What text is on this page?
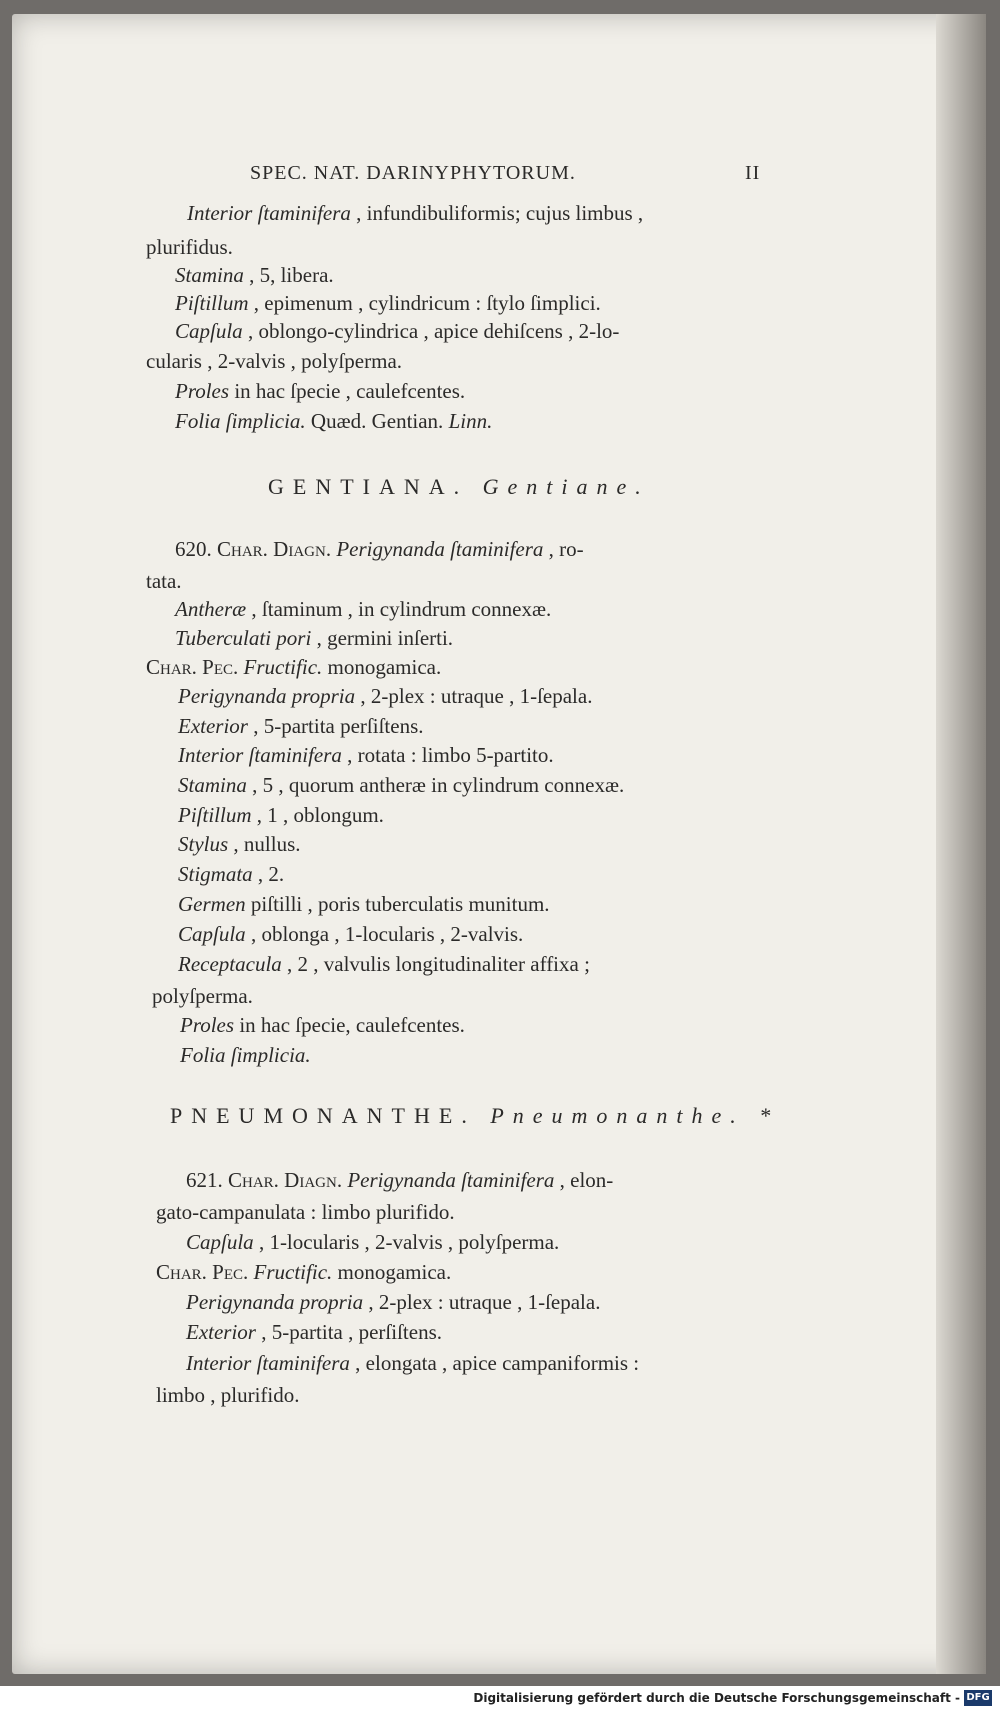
SPEC. NAT. DARINYPHYTORUM.	II
Interior ſtaminifera , infundibuliformis; cujus limbus ,
plurifidus.
Stamina , 5, libera.
Piſtillum , epimenum , cylindricum : ſtylo ſimplici.
Capſula , oblongo-cylindrica , apice dehiſcens , 2-lo-
cularis , 2-valvis , polyſperma.
Proles in hac ſpecie , caulefcentes.
Folia ſimplicia. Quæd. Gentian. Linn.
GENTIANA. Gentiane.
620. Char. Diagn. Perigynanda ſtaminifera , ro-
tata.
Antheræ , ſtaminum , in cylindrum connexæ.
Tuberculati pori , germini inſerti.
Char. Pec. Fructific. monogamica.
Perigynanda propria , 2-plex : utraque , 1-ſepala.
Exterior , 5-partita perſiſtens.
Interior ſtaminifera , rotata : limbo 5-partito.
Stamina , 5 , quorum antheræ in cylindrum connexæ.
Piſtillum , 1 , oblongum.
Stylus , nullus.
Stigmata , 2.
Germen piſtilli , poris tuberculatis munitum.
Capſula , oblonga , 1-locularis , 2-valvis.
Receptacula , 2 , valvulis longitudinaliter affixa ;
polyſperma.
Proles in hac ſpecie, caulefcentes.
Folia ſimplicia.
PNEUMONANTHE. Pneumonanthe. *
621. Char. Diagn. Perigynanda ſtaminifera , elon-
gato-campanulata : limbo plurifido.
Capſula , 1-locularis , 2-valvis , polyſperma.
Char. Pec. Fructific. monogamica.
Perigynanda propria , 2-plex : utraque , 1-ſepala.
Exterior , 5-partita , perſiſtens.
Interior ſtaminifera , elongata , apice campaniformis :
limbo , plurifido.
Digitalisierung gefördert durch die Deutsche Forschungsgemeinschaft - DFG
